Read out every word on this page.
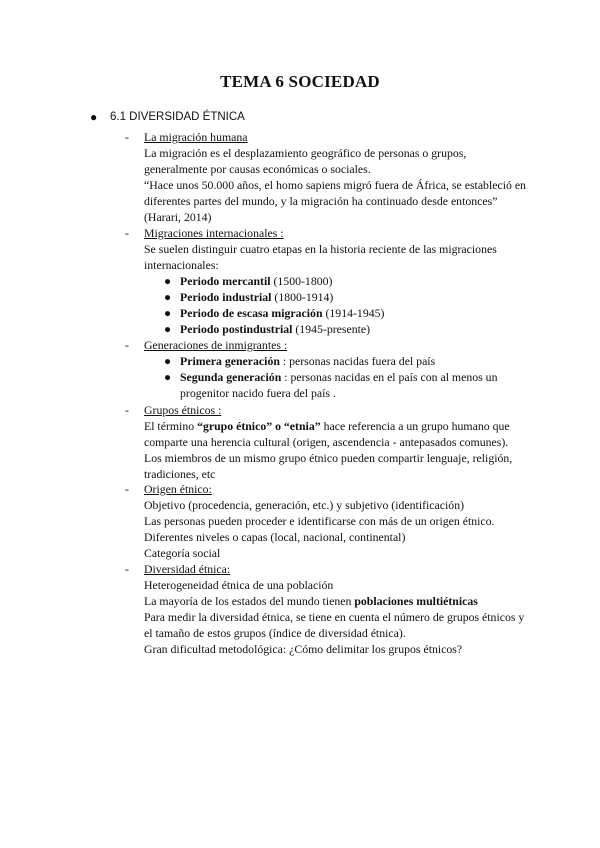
TEMA 6 SOCIEDAD
● 6.1 DIVERSIDAD ÉTNICA
- La migración humana

La migración es el desplazamiento geográfico de personas o grupos, generalmente por causas económicas o sociales.

“Hace unos 50.000 años, el homo sapiens migró fuera de África, se estableció en diferentes partes del mundo, y la migración ha continuado desde entonces” (Harari, 2014)

- Migraciones internacionales :

Se suelen distinguir cuatro etapas en la historia reciente de las migraciones internacionales:

● Periodo mercantil (1500-1800)
● Periodo industrial (1800-1914)
● Periodo de escasa migración (1914-1945)
● Periodo postindustrial (1945-presente)
- Generaciones de inmigrantes :
● Primera generación : personas nacidas fuera del país
● Segunda generación : personas nacidas en el país con al menos un progenitor nacido fuera del país .
- Grupos étnicos :

El término “grupo étnico” o “etnia” hace referencia a un grupo humano que comparte una herencia cultural (origen, ascendencia - antepasados comunes).

Los miembros de un mismo grupo étnico pueden compartir lenguaje, religión, tradiciones, etc

- Origen étnico:

Objetivo (procedencia, generación, etc.) y subjetivo (identificación)

Las personas pueden proceder e identificarse con más de un origen étnico.

Diferentes niveles o capas (local, nacional, continental)

Categoría social

- Diversidad étnica:

Heterogeneidad étnica de una población

La mayoría de los estados del mundo tienen poblaciones multiétnicas

Para medir la diversidad étnica, se tiene en cuenta el número de grupos étnicos y el tamaño de estos grupos (índice de diversidad étnica).

Gran dificultad metodológica: ¿Cómo delimitar los grupos étnicos?
